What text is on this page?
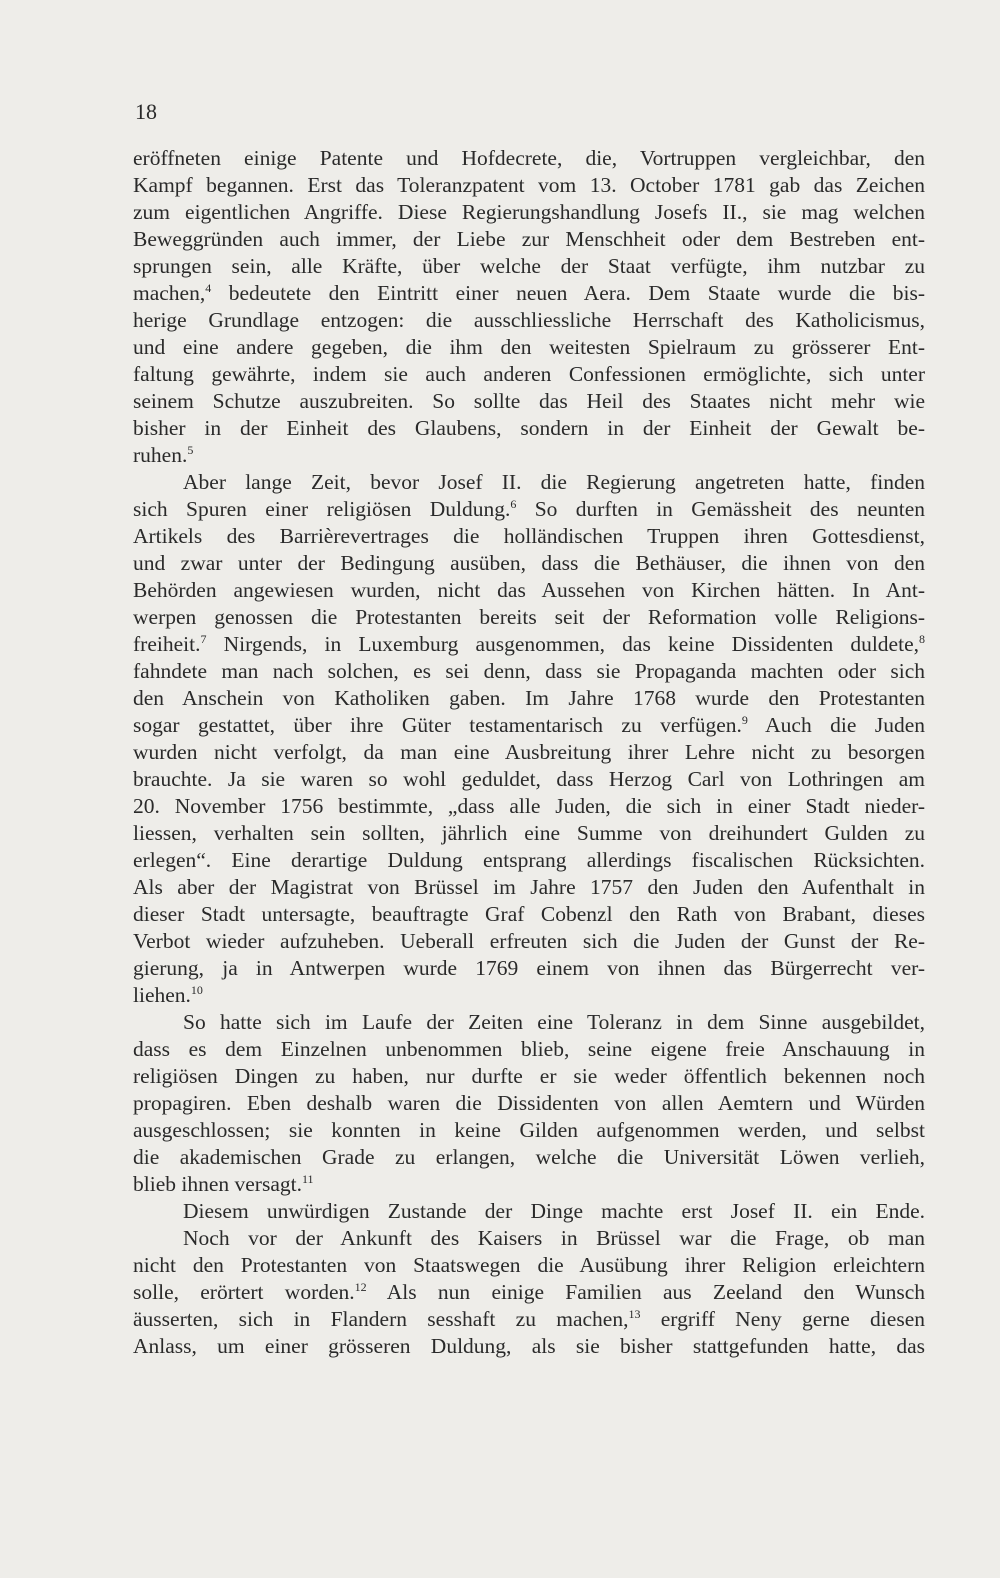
18
eröffneten einige Patente und Hofdecrete, die, Vortruppen vergleichbar, den
Kampf begannen. Erst das Toleranzpatent vom 13. October 1781 gab das Zeichen
zum eigentlichen Angriffe. Diese Regierungshandlung Josefs II., sie mag welchen
Beweggründen auch immer, der Liebe zur Menschheit oder dem Bestreben ent-
sprungen sein, alle Kräfte, über welche der Staat verfügte, ihm nutzbar zu
machen,$^4$ bedeutete den Eintritt einer neuen Aera. Dem Staate wurde die bis-
herige Grundlage entzogen: die ausschliessliche Herrschaft des Katholicismus,
und eine andere gegeben, die ihm den weitesten Spielraum zu grösserer Ent-
faltung gewährte, indem sie auch anderen Confessionen ermöglichte, sich unter
seinem Schutze auszubreiten. So sollte das Heil des Staates nicht mehr wie
bisher in der Einheit des Glaubens, sondern in der Einheit der Gewalt be-
ruhen.$^5$
Aber lange Zeit, bevor Josef II. die Regierung angetreten hatte, finden
sich Spuren einer religiösen Duldung.$^6$ So durften in Gemässheit des neunten
Artikels des Barrièrevertrages die holländischen Truppen ihren Gottesdienst,
und zwar unter der Bedingung ausüben, dass die Bethäuser, die ihnen von den
Behörden angewiesen wurden, nicht das Aussehen von Kirchen hätten. In Ant-
werpen genossen die Protestanten bereits seit der Reformation volle Religions-
freiheit.$^7$ Nirgends, in Luxemburg ausgenommen, das keine Dissidenten duldete,$^8$
fahndete man nach solchen, es sei denn, dass sie Propaganda machten oder sich
den Anschein von Katholiken gaben. Im Jahre 1768 wurde den Protestanten
sogar gestattet, über ihre Güter testamentarisch zu verfügen.$^9$ Auch die Juden
wurden nicht verfolgt, da man eine Ausbreitung ihrer Lehre nicht zu besorgen
brauchte. Ja sie waren so wohl geduldet, dass Herzog Carl von Lothringen am
20. November 1756 bestimmte, „dass alle Juden, die sich in einer Stadt nieder-
liessen, verhalten sein sollten, jährlich eine Summe von dreihundert Gulden zu
erlegen“. Eine derartige Duldung entsprang allerdings fiscalischen Rücksichten.
Als aber der Magistrat von Brüssel im Jahre 1757 den Juden den Aufenthalt in
dieser Stadt untersagte, beauftragte Graf Cobenzl den Rath von Brabant, dieses
Verbot wieder aufzuheben. Ueberall erfreuten sich die Juden der Gunst der Re-
gierung, ja in Antwerpen wurde 1769 einem von ihnen das Bürgerrecht ver-
liehen.$^{10}$
So hatte sich im Laufe der Zeiten eine Toleranz in dem Sinne ausgebildet,
dass es dem Einzelnen unbenommen blieb, seine eigene freie Anschauung in
religiösen Dingen zu haben, nur durfte er sie weder öffentlich bekennen noch
propagiren. Eben deshalb waren die Dissidenten von allen Aemtern und Würden
ausgeschlossen; sie konnten in keine Gilden aufgenommen werden, und selbst
die akademischen Grade zu erlangen, welche die Universität Löwen verlieh,
blieb ihnen versagt.$^{11}$
Diesem unwürdigen Zustande der Dinge machte erst Josef II. ein Ende.
Noch vor der Ankunft des Kaisers in Brüssel war die Frage, ob man
nicht den Protestanten von Staatswegen die Ausübung ihrer Religion erleichtern
solle, erörtert worden.$^{12}$ Als nun einige Familien aus Zeeland den Wunsch
äusserten, sich in Flandern sesshaft zu machen,$^{13}$ ergriff Neny gerne diesen
Anlass, um einer grösseren Duldung, als sie bisher stattgefunden hatte, das
